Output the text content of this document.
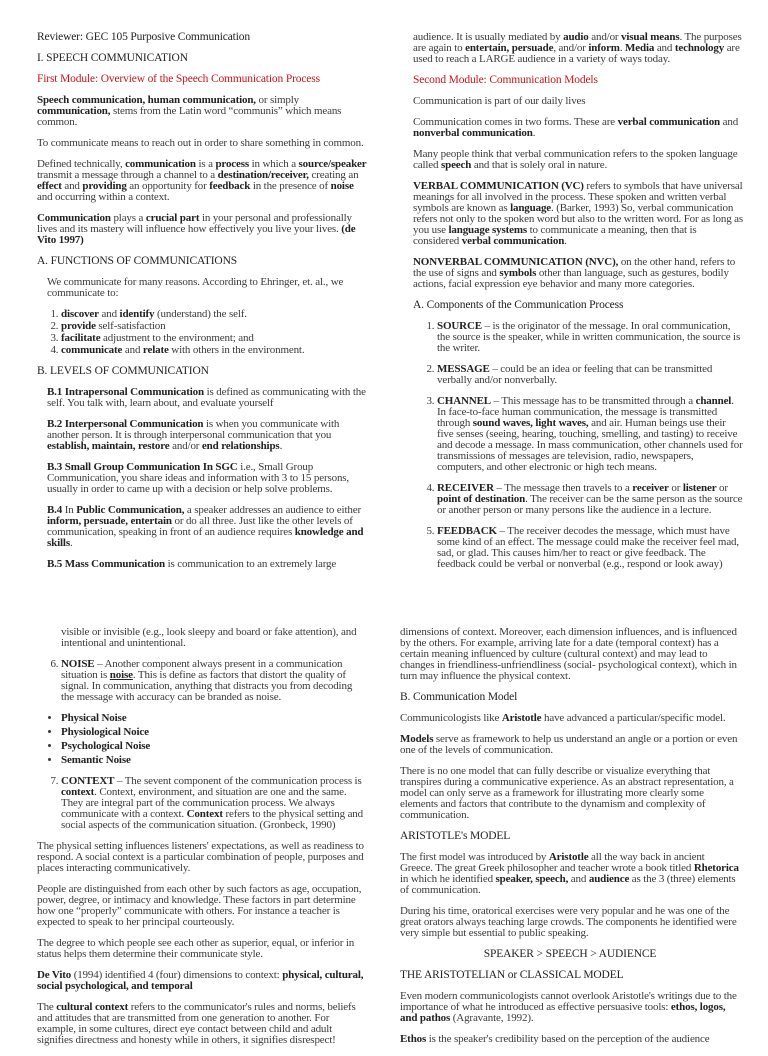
Reviewer: GEC 105 Purposive Communication
I. SPEECH COMMUNICATION
First Module: Overview of the Speech Communication Process
Speech communication, human communication, or simply communication, stems from the Latin word “communis” which means common.
To communicate means to reach out in order to share something in common.
Defined technically, communication is a process in which a source/speaker transmit a message through a channel to a destination/receiver, creating an effect and providing an opportunity for feedback in the presence of noise and occurring within a context.
Communication plays a crucial part in your personal and professionally lives and its mastery will influence how effectively you live your lives. (de Vito 1997)
A. FUNCTIONS OF COMMUNICATIONS
We communicate for many reasons. According to Ehringer, et. al., we communicate to:
1. discover and identify (understand) the self.
2. provide self-satisfaction
3. facilitate adjustment to the environment; and
4. communicate and relate with others in the environment.
B. LEVELS OF COMMUNICATION
B.1 Intrapersonal Communication is defined as communicating with the self. You talk with, learn about, and evaluate yourself
B.2 Interpersonal Communication is when you communicate with another person. It is through interpersonal communication that you establish, maintain, restore and/or end relationships.
B.3 Small Group Communication In SGC i.e., Small Group Communication, you share ideas and information with 3 to 15 persons, usually in order to came up with a decision or help solve problems.
B.4 In Public Communication, a speaker addresses an audience to either inform, persuade, entertain or do all three. Just like the other levels of communication, speaking in front of an audience requires knowledge and skills.
B.5 Mass Communication is communication to an extremely large
audience. It is usually mediated by audio and/or visual means. The purposes are again to entertain, persuade, and/or inform. Media and technology are used to reach a LARGE audience in a variety of ways today.
Second Module: Communication Models
Communication is part of our daily lives
Communication comes in two forms. These are verbal communication and nonverbal communication.
Many people think that verbal communication refers to the spoken language called speech and that is solely oral in nature.
VERBAL COMMUNICATION (VC) refers to symbols that have universal meanings for all involved in the process. These spoken and written verbal symbols are known as language. (Barker, 1993) So, verbal communication refers not only to the spoken word but also to the written word. For as long as you use language systems to communicate a meaning, then that is considered verbal communication.
NONVERBAL COMMUNICATION (NVC), on the other hand, refers to the use of signs and symbols other than language, such as gestures, bodily actions, facial expression eye behavior and many more categories.
A. Components of the Communication Process
1. SOURCE – is the originator of the message. In oral communication, the source is the speaker, while in written communication, the source is the writer.
2. MESSAGE – could be an idea or feeling that can be transmitted verbally and/or nonverbally.
3. CHANNEL – This message has to be transmitted through a channel. In face-to-face human communication, the message is transmitted through sound waves, light waves, and air. Human beings use their five senses (seeing, hearing, touching, smelling, and tasting) to receive and decode a message. In mass communication, other channels used for transmissions of messages are television, radio, newspapers, computers, and other electronic or high tech means.
4. RECEIVER – The message then travels to a receiver or listener or point of destination. The receiver can be the same person as the source or another person or many persons like the audience in a lecture.
5. FEEDBACK – The receiver decodes the message, which must have some kind of an effect. The message could make the receiver feel mad, sad, or glad. This causes him/her to react or give feedback. The feedback could be verbal or nonverbal (e.g., respond or look away)
visible or invisible (e.g., look sleepy and board or fake attention), and intentional and unintentional.
6. NOISE – Another component always present in a communication situation is noise. This is define as factors that distort the quality of signal. In communication, anything that distracts you from decoding the message with accuracy can be branded as noise.
• Physical Noise
• Physiological Noice
• Psychological Noise
• Semantic Noise
7. CONTEXT – The sevent component of the communication process is context. Context, environment, and situation are one and the same. They are integral part of the communication process. We always communicate with a context. Context refers to the physical setting and social aspects of the communication situation. (Gronbeck, 1990)
The physical setting influences listeners' expectations, as well as readiness to respond. A social context is a particular combination of people, purposes and places interacting communicatively.
People are distinguished from each other by such factors as age, occupation, power, degree, or intimacy and knowledge. These factors in part determine how one “properly” communicate with others. For instance a teacher is expected to speak to her principal courteously.
The degree to which people see each other as superior, equal, or inferior in status helps them determine their communicate style.
De Vito (1994) identified 4 (four) dimensions to context: physical, cultural, social psychological, and temporal
The cultural context refers to the communicator's rules and norms, beliefs and attitudes that are transmitted from one generation to another. For example, in some cultures, direct eye contact between child and adult signifies directness and honesty while in others, it signifies disrespect!
dimensions of context. Moreover, each dimension influences, and is influenced by the others. For example, arriving late for a date (temporal context) has a certain meaning influenced by culture (cultural context) and may lead to changes in friendliness-unfriendliness (social- psychological context), which in turn may influence the physical context.
B. Communication Model
Communicologists like Aristotle have advanced a particular/specific model.
Models serve as framework to help us understand an angle or a portion or even one of the levels of communication.
There is no one model that can fully describe or visualize everything that transpires during a communicative experience. As an abstract representation, a model can only serve as a framework for illustrating more clearly some elements and factors that contribute to the dynamism and complexity of communication.
ARISTOTLE's MODEL
The first model was introduced by Aristotle all the way back in ancient Greece. The great Greek philosopher and teacher wrote a book titled Rhetorica in which he identified speaker, speech, and audience as the 3 (three) elements of communication.
During his time, oratorical exercises were very popular and he was one of the great orators always teaching large crowds. The components he identified were very simple but essential to public speaking.
SPEAKER > SPEECH > AUDIENCE
THE ARISTOTELIAN or CLASSICAL MODEL
Even modern communicologists cannot overlook Aristotle's writings due to the importance of what he introduced as effective persuasive tools: ethos, logos, and pathos (Agravante, 1992).
Ethos is the speaker's credibility based on the perception of the audience
